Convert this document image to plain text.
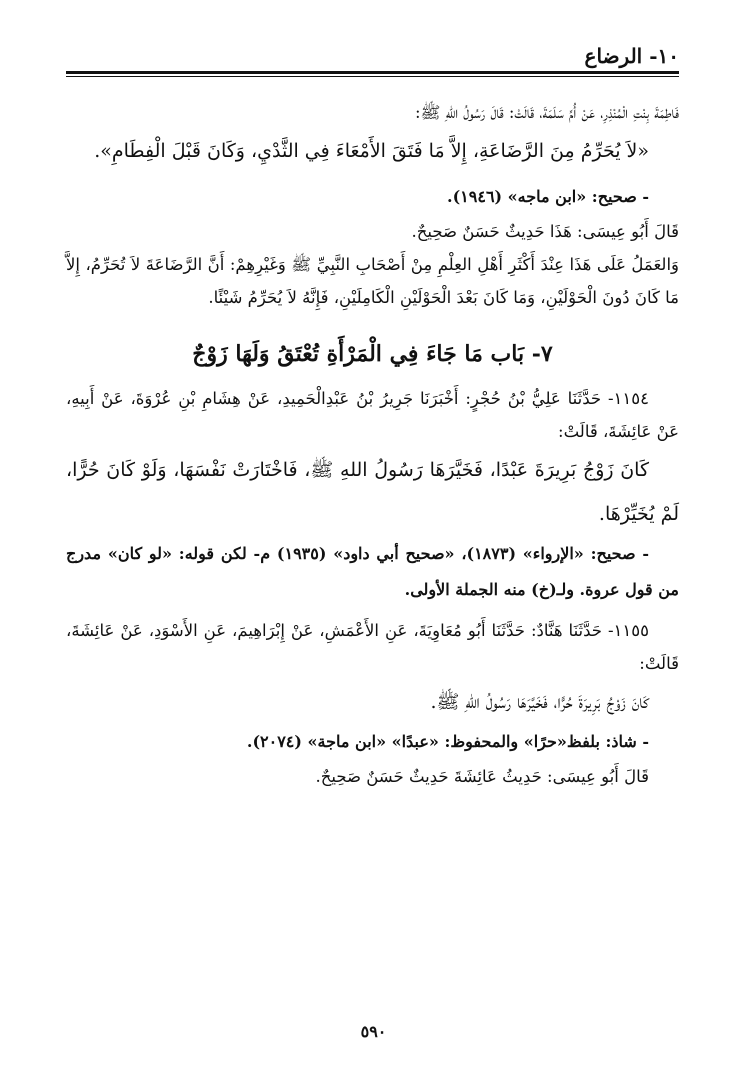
١٠- الرضاع

فَاطِمَةَ بِنْتِ الْمُنْذِرِ، عَنْ أُمِّ سَلَمَةَ، قَالَتْ: قَالَ رَسُولُ اللهِ ﷺ:

«لاَ يُحَرِّمُ مِنَ الرَّضَاعَةِ، إِلاَّ مَا فَتَقَ الأَمْعَاءَ فِي الثَّدْيِ، وَكَانَ قَبْلَ الْفِطَامِ».

- صحيح: «ابن ماجه» (١٩٤٦).

قَالَ أَبُو عِيسَى: هَذَا حَدِيثٌ حَسَنٌ صَحِيحٌ.

وَالعَمَلُ عَلَى هَذَا عِنْدَ أَكْثَرِ أَهْلِ العِلْمِ مِنْ أَصْحَابِ النَّبِيِّ ﷺ وَغَيْرِهِمْ: أَنَّ الرَّضَاعَةَ لاَ تُحَرِّمُ، إِلاَّ مَا كَانَ دُونَ الْحَوْلَيْنِ، وَمَا كَانَ بَعْدَ الْحَوْلَيْنِ الْكَامِلَيْنِ، فَإِنَّهُ لاَ يُحَرِّمُ شَيْئًا.

٧- بَاب مَا جَاءَ فِي الْمَرْأَةِ تُعْتَقُ وَلَهَا زَوْجٌ

١١٥٤- حَدَّثَنَا عَلِيُّ بْنُ حُجْرٍ: أَخْبَرَنَا جَرِيرُ بْنُ عَبْدِالْحَمِيدِ، عَنْ هِشَامِ بْنِ عُرْوَةَ، عَنْ أَبِيهِ، عَنْ عَائِشَةَ، قَالَتْ:

كَانَ زَوْجُ بَرِيرَةَ عَبْدًا، فَخَيَّرَهَا رَسُولُ اللهِ ﷺ، فَاخْتَارَتْ نَفْسَهَا، وَلَوْ كَانَ حُرًّا، لَمْ يُخَيِّرْهَا.

- صحيح: «الإرواء» (١٨٧٣)، «صحيح أبي داود» (١٩٣٥) م- لكن قوله: «لو كان» مدرج من قول عروة. ولـ(خ) منه الجملة الأولى.

١١٥٥- حَدَّثَنَا هَنَّادٌ: حَدَّثَنَا أَبُو مُعَاوِيَةَ، عَنِ الأَعْمَشِ، عَنْ إِبْرَاهِيمَ، عَنِ الأَسْوَدِ، عَنْ عَائِشَةَ، قَالَتْ:

كَانَ زَوْجُ بَرِيرَةَ حُرًّا، فَخَيَّرَهَا رَسُولُ اللهِ ﷺ.

- شاذ: بلفظ«حرًا» والمحفوظ: «عبدًا» «ابن ماجة» (٢٠٧٤).

قَالَ أَبُو عِيسَى: حَدِيثُ عَائِشَةَ حَدِيثٌ حَسَنٌ صَحِيحٌ.

٥٩٠
